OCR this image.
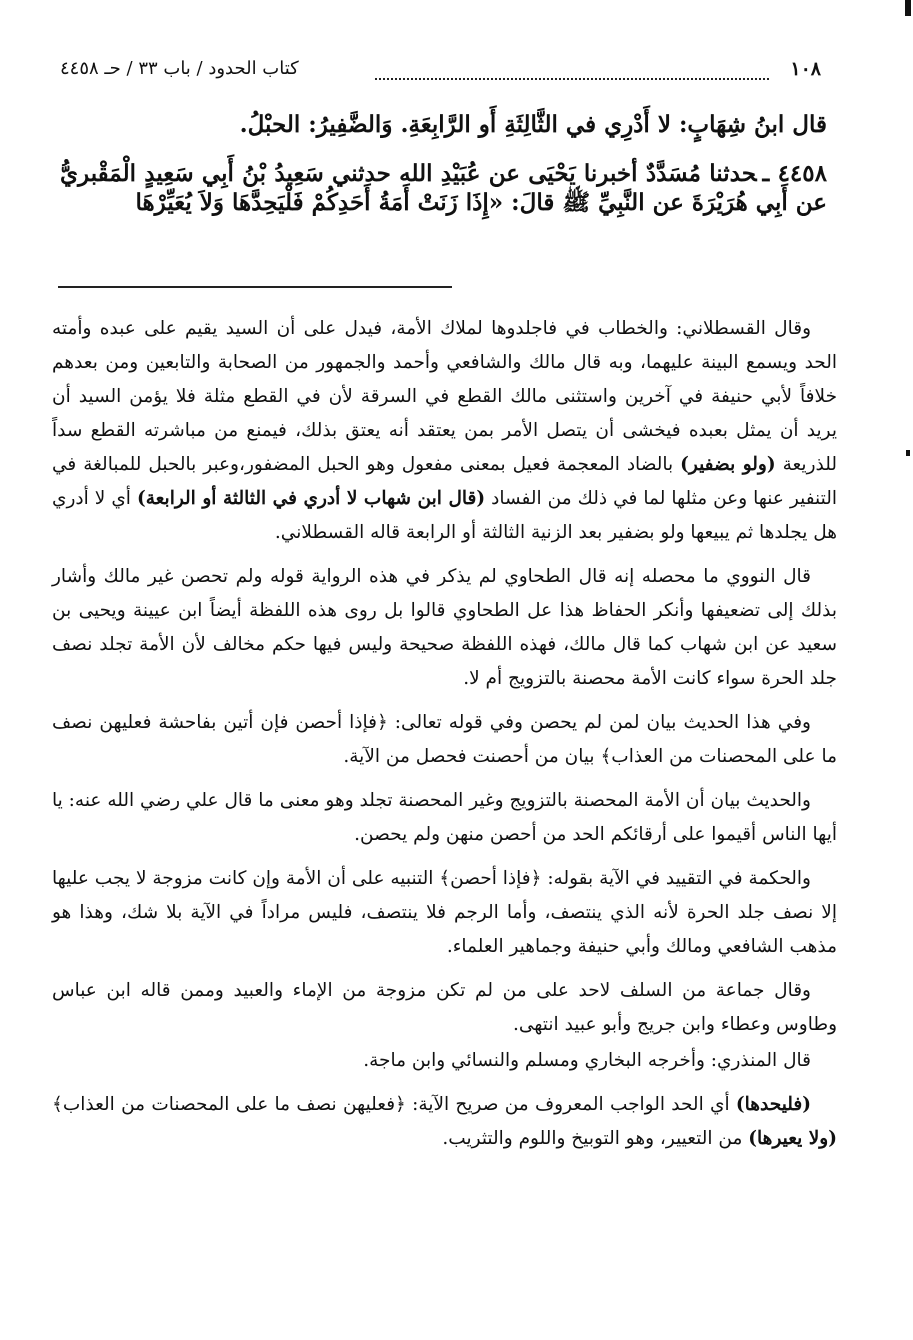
١٠٨
كتاب الحدود / باب ٣٣ / حـ ٤٤٥٨

قال ابنُ شِهَابٍ: لا أَدْرِي في الثَّالِثَةِ أَو الرَّابِعَةِ. وَالضَّفِيرُ: الحبْلُ.

٤٤٥٨ ـحدثنا مُسَدَّدٌ أخبرنا يَحْيَى عن عُبَيْدِ الله حدثني سَعِيدُ بْنُ أَبِي سَعِيدٍ الْمَقْبريُّ عن أَبِي هُرَيْرَةَ عن النَّبِيِّ ﷺ قالَ: «إِذَا زَنَتْ أَمَةُ أَحَدِكُمْ فَلْيَحِدَّهَا وَلاَ يُعَيِّرْهَا

وقال القسطلاني: والخطاب في فاجلدوها لملاك الأمة، فيدل على أن السيد يقيم على عبده وأمته الحد ويسمع البينة عليهما، وبه قال مالك والشافعي وأحمد والجمهور من الصحابة والتابعين ومن بعدهم خلافاً لأبي حنيفة في آخرين واستثنى مالك القطع في السرقة لأن في القطع مثلة فلا يؤمن السيد أن يريد أن يمثل بعبده فيخشى أن يتصل الأمر بمن يعتقد أنه يعتق بذلك، فيمنع من مباشرته القطع سداً للذريعة (ولو بضفير) بالضاد المعجمة فعيل بمعنى مفعول وهو الحبل المضفور،وعبر بالحبل للمبالغة في التنفير عنها وعن مثلها لما في ذلك من الفساد (قال ابن شهاب لا أدري في الثالثة أو الرابعة) أي لا أدري هل يجلدها ثم يبيعها ولو بضفير بعد الزنية الثالثة أو الرابعة قاله القسطلاني.

قال النووي ما محصله إنه قال الطحاوي لم يذكر في هذه الرواية قوله ولم تحصن غير مالك وأشار بذلك إلى تضعيفها وأنكر الحفاظ هذا عل الطحاوي قالوا بل روى هذه اللفظة أيضاً ابن عيينة ويحيى بن سعيد عن ابن شهاب كما قال مالك، فهذه اللفظة صحيحة وليس فيها حكم مخالف لأن الأمة تجلد نصف جلد الحرة سواء كانت الأمة محصنة بالتزويج أم لا.

وفي هذا الحديث بيان لمن لم يحصن وفي قوله تعالى: ﴿فإذا أحصن فإن أتين بفاحشة فعليهن نصف ما على المحصنات من العذاب﴾ بيان من أحصنت فحصل من الآية.

والحديث بيان أن الأمة المحصنة بالتزويج وغير المحصنة تجلد وهو معنى ما قال علي رضي الله عنه: يا أيها الناس أقيموا على أرقائكم الحد من أحصن منهن ولم يحصن.

والحكمة في التقييد في الآية بقوله: ﴿فإذا أحصن﴾ التنبيه على أن الأمة وإن كانت مزوجة لا يجب عليها إلا نصف جلد الحرة لأنه الذي ينتصف، وأما الرجم فلا ينتصف، فليس مراداً في الآية بلا شك، وهذا هو مذهب الشافعي ومالك وأبي حنيفة وجماهير العلماء.

وقال جماعة من السلف لاحد على من لم تكن مزوجة من الإماء والعبيد وممن قاله ابن عباس وطاوس وعطاء وابن جريج وأبو عبيد انتهى.

قال المنذري: وأخرجه البخاري ومسلم والنسائي وابن ماجة.

(فليحدها) أي الحد الواجب المعروف من صريح الآية: ﴿فعليهن نصف ما على المحصنات من العذاب﴾ (ولا يعيرها) من التعيير، وهو التوبيخ واللوم والتثريب.
